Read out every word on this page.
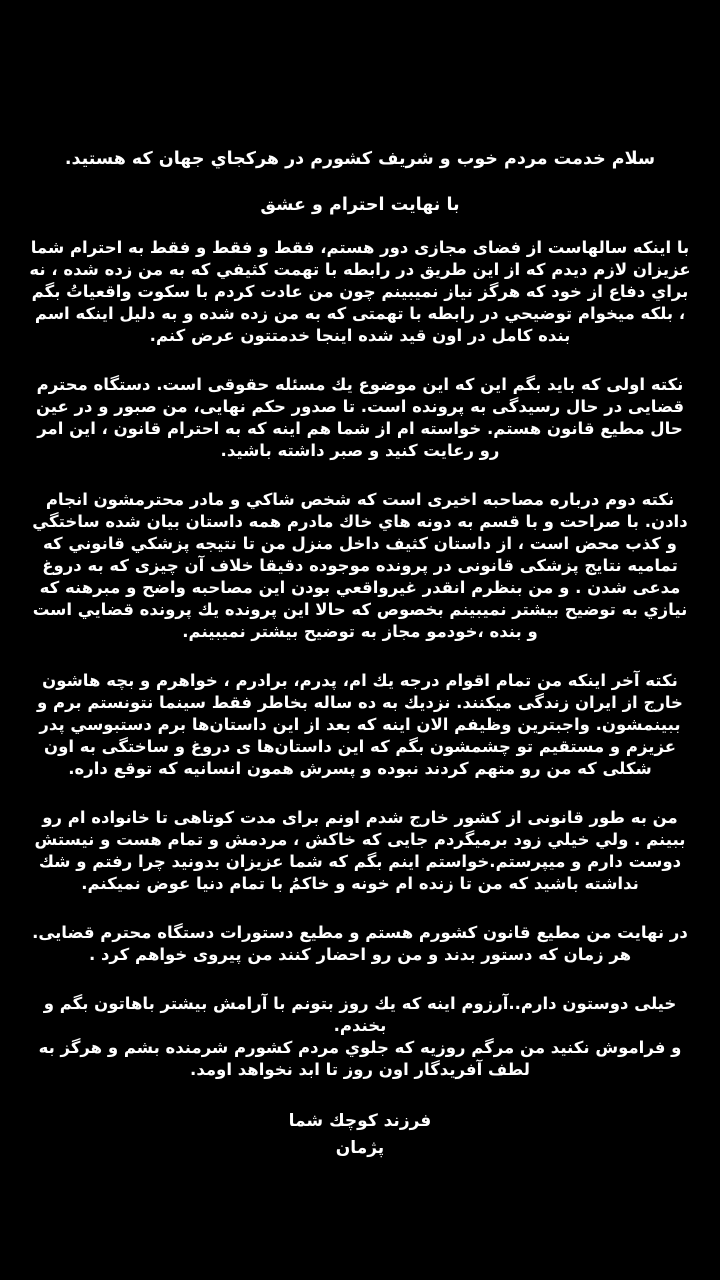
سلام خدمت مردم خوب و شريف كشورم در هركجاي جهان كه هستيد.

با نهايت احترام و عشق

با اينكه سالهاست از فضاى مجازى دور هستم، فقط و فقط و فقط به احترام شما عزيزان لازم ديدم كه از اين طريق در رابطه با تهمت كثيفي كه به من زده شده ، نه براي دفاع از خود كه هرگز نياز نميبينم چون من عادت كردم با سكوت واقعياتُ بگم ، بلكه ميخوام توضيحي در رابطه با تهمتى كه به من زده شده و به دليل اينكه اسم بنده كامل در اون قيد شده اينجا خدمتتون عرض كنم.

نكته اولى كه بايد بگم اين كه اين موضوع يك مسئله حقوقى است. دستگاه محترم قضايى در حال رسيدگى به پرونده است. تا صدور حكم نهايى، من صبور و در عين حال مطيع قانون هستم. خواسته ام از شما هم اينه كه به احترام قانون ، اين امر رو رعايت كنيد و صبر داشته باشيد.

نكته دوم درباره مصاحبه اخيرى است كه شخص شاكي و مادر محترمشون انجام دادن. با صراحت و با قسم به دونه هاي خاك مادرم همه داستان بيان شده ساختگي و كذب محض است ، از داستان كثيف داخل منزل من تا نتيجه پزشكي قانوني كه تماميه نتايج پزشكى قانونى در پرونده موجوده دقيقا خلاف آن چيزى كه به دروغ مدعى شدن . و من بنظرم انقدر غيرواقعي بودن اين مصاحبه واضح و مبرهنه كه نيازي به توضيح بيشتر نميبينم بخصوص كه حالا اين پرونده يك پرونده قضايي است و بنده ،خودمو مجاز به توضيح بيشتر نميبينم.

نكته آخر اينكه من تمام اقوام درجه يك ام، پدرم، برادرم ، خواهرم و بچه هاشون خارج از ايران زندگى ميكنند. نزديك به ده ساله بخاطر فقط سينما نتونستم برم و ببينمشون. واجبترين وظيفم الان اينه كه بعد از اين داستان‌ها برم دستبوسي پدر عزيزم و مستقيم تو چشمشون بگم كه اين داستان‌ها ى دروغ و ساختگى به اون شكلى كه من رو متهم كردند نبوده و پسرش همون انسانيه كه توقع داره.

من به طور قانونى از كشور خارج شدم اونم براى مدت كوتاهى تا خانواده ام رو ببينم . ولي خيلي زود برميگردم جايى كه خاكش ، مردمش و تمام هست و نيستش دوست دارم و ميپرستم.خواستم اينم بگم كه شما عزيزان بدونيد چرا رفتم و شك نداشته باشيد كه من تا زنده ام خونه و خاكمُ با تمام دنيا عوض نميكنم.

در نهايت من مطيع قانون كشورم هستم و مطيع دستورات دستگاه محترم قضايى. هر زمان كه دستور بدند و من رو احضار كنند من پيروى خواهم كرد .

خيلى دوستون دارم..آرزوم اينه كه يك روز بتونم با آرامش بيشتر باهاتون بگم و بخندم.

و فراموش نكنيد من مرگم روزيه كه جلوي مردم كشورم شرمنده بشم و هرگز به لطف آفريدگار اون روز تا ابد نخواهد اومد.

فرزند كوچك شما
پژمان
